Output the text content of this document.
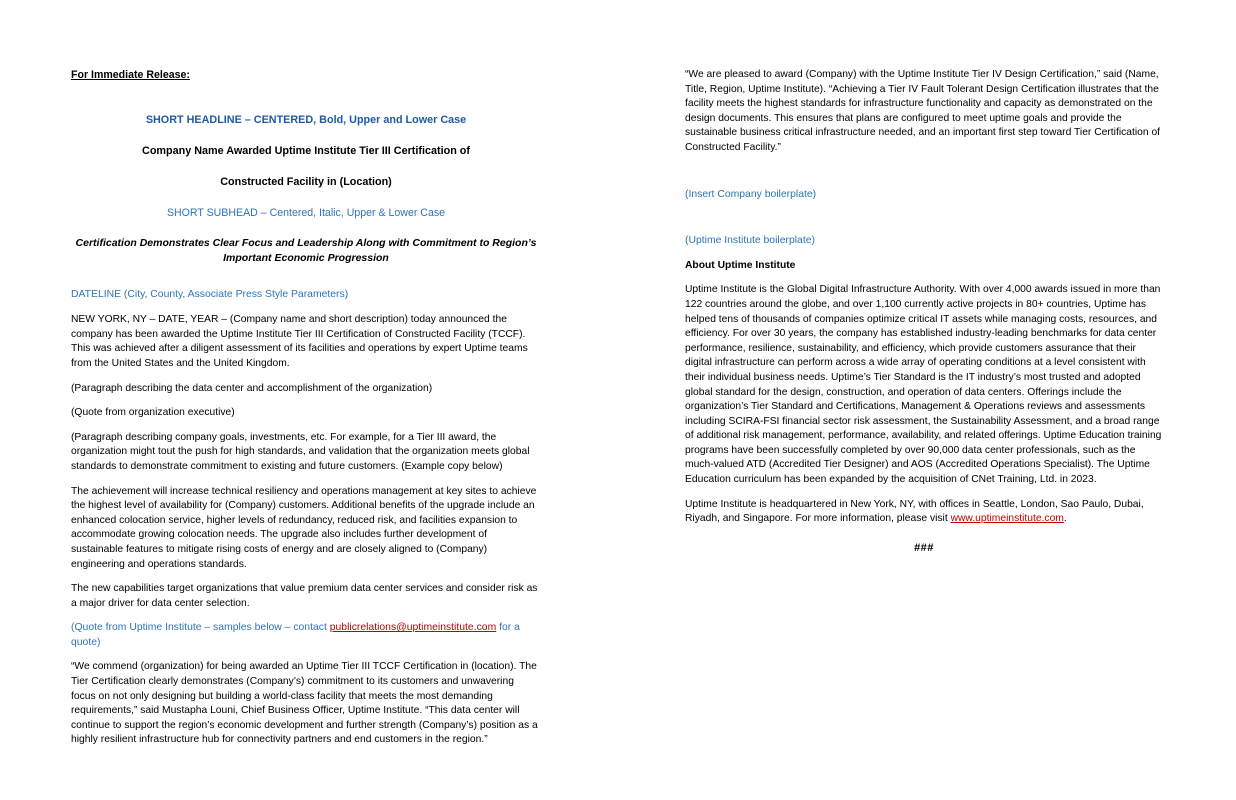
For Immediate Release:

SHORT HEADLINE – CENTERED, Bold, Upper and Lower Case

Company Name Awarded Uptime Institute Tier III Certification of

Constructed Facility in (Location)

SHORT SUBHEAD – Centered, Italic, Upper & Lower Case

Certification Demonstrates Clear Focus and Leadership Along with Commitment to Region’s Important Economic Progression

DATELINE (City, County, Associate Press Style Parameters)

NEW YORK, NY – DATE, YEAR – (Company name and short description) today announced the company has been awarded the Uptime Institute Tier III Certification of Constructed Facility (TCCF). This was achieved after a diligent assessment of its facilities and operations by expert Uptime teams from the United States and the United Kingdom.

(Paragraph describing the data center and accomplishment of the organization)

(Quote from organization executive)

(Paragraph describing company goals, investments, etc. For example, for a Tier III award, the organization might tout the push for high standards, and validation that the organization meets global standards to demonstrate commitment to existing and future customers. (Example copy below)

The achievement will increase technical resiliency and operations management at key sites to achieve the highest level of availability for (Company) customers. Additional benefits of the upgrade include an enhanced colocation service, higher levels of redundancy, reduced risk, and facilities expansion to accommodate growing colocation needs. The upgrade also includes further development of sustainable features to mitigate rising costs of energy and are closely aligned to (Company) engineering and operations standards.

The new capabilities target organizations that value premium data center services and consider risk as a major driver for data center selection.

(Quote from Uptime Institute – samples below – contact publicrelations@uptimeinstitute.com for a quote)

“We commend (organization) for being awarded an Uptime Tier III TCCF Certification in (location). The Tier Certification clearly demonstrates (Company’s) commitment to its customers and unwavering focus on not only designing but building a world-class facility that meets the most demanding requirements,” said Mustapha Louni, Chief Business Officer, Uptime Institute. “This data center will continue to support the region’s economic development and further strength (Company’s) position as a highly resilient infrastructure hub for connectivity partners and end customers in the region.”

“We are pleased to award (Company) with the Uptime Institute Tier IV Design Certification,” said (Name, Title, Region, Uptime Institute). “Achieving a Tier IV Fault Tolerant Design Certification illustrates that the facility meets the highest standards for infrastructure functionality and capacity as demonstrated on the design documents. This ensures that plans are configured to meet uptime goals and provide the sustainable business critical infrastructure needed, and an important first step toward Tier Certification of Constructed Facility.”

(Insert Company boilerplate)

(Uptime Institute boilerplate)

About Uptime Institute

Uptime Institute is the Global Digital Infrastructure Authority. With over 4,000 awards issued in more than 122 countries around the globe, and over 1,100 currently active projects in 80+ countries, Uptime has helped tens of thousands of companies optimize critical IT assets while managing costs, resources, and efficiency. For over 30 years, the company has established industry-leading benchmarks for data center performance, resilience, sustainability, and efficiency, which provide customers assurance that their digital infrastructure can perform across a wide array of operating conditions at a level consistent with their individual business needs. Uptime’s Tier Standard is the IT industry’s most trusted and adopted global standard for the design, construction, and operation of data centers. Offerings include the organization’s Tier Standard and Certifications, Management & Operations reviews and assessments including SCIRA-FSI financial sector risk assessment, the Sustainability Assessment, and a broad range of additional risk management, performance, availability, and related offerings. Uptime Education training programs have been successfully completed by over 90,000 data center professionals, such as the much-valued ATD (Accredited Tier Designer) and AOS (Accredited Operations Specialist). The Uptime Education curriculum has been expanded by the acquisition of CNet Training, Ltd. in 2023.

Uptime Institute is headquartered in New York, NY, with offices in Seattle, London, Sao Paulo, Dubai, Riyadh, and Singapore. For more information, please visit www.uptimeinstitute.com.

###
